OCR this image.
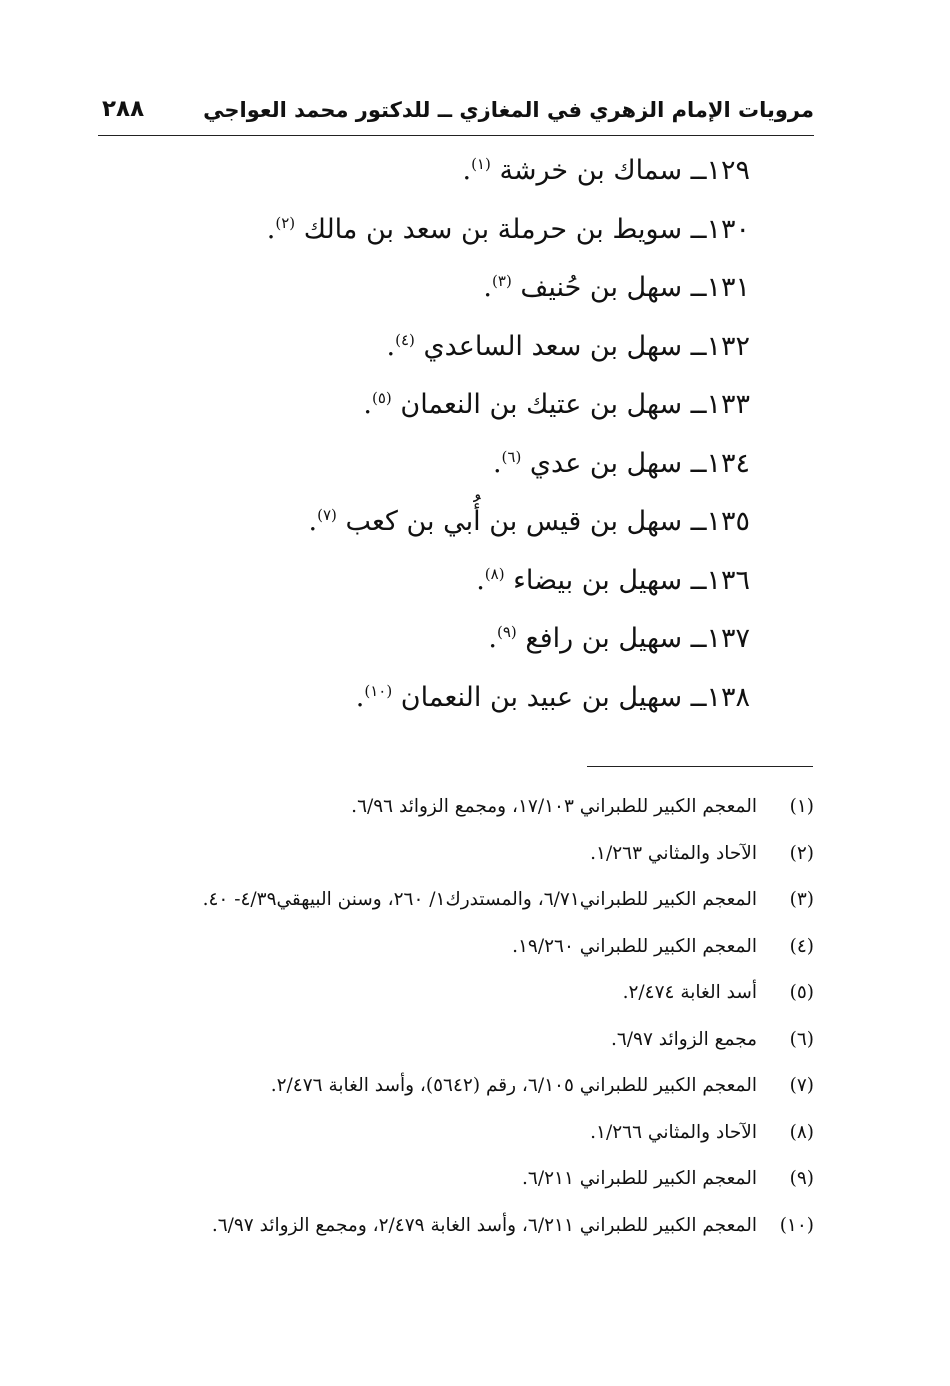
مرويات الإمام الزهري في المغازي ــ للدكتور محمد العواجي
٢٨٨
١٢٩ــ سماك بن خرشة $^{(١)}$.
١٣٠ــ سويط بن حرملة بن سعد بن مالك $^{(٢)}$.
١٣١ــ سهل بن حُنيف $^{(٣)}$.
١٣٢ــ سهل بن سعد الساعدي $^{(٤)}$.
١٣٣ــ سهل بن عتيك بن النعمان $^{(٥)}$.
١٣٤ــ سهل بن عدي $^{(٦)}$.
١٣٥ــ سهل بن قيس بن أُبي بن كعب $^{(٧)}$.
١٣٦ــ سهيل بن بيضاء $^{(٨)}$.
١٣٧ــ سهيل بن رافع $^{(٩)}$.
١٣٨ــ سهيل بن عبيد بن النعمان $^{(١٠)}$.
(١)
المعجم الكبير للطبراني ١٧/١٠٣، ومجمع الزوائد ٦/٩٦.
(٢)
الآحاد والمثاني ١/٢٦٣.
(٣)
المعجم الكبير للطبراني٦/٧١، والمستدرك١/ ٢٦٠، وسنن البيهقي٤/٣٩- ٤٠.
(٤)
المعجم الكبير للطبراني ١٩/٢٦٠.
(٥)
أسد الغابة ٢/٤٧٤.
(٦)
مجمع الزوائد ٦/٩٧.
(٧)
المعجم الكبير للطبراني ٦/١٠٥، رقم (٥٦٤٢)، وأسد الغابة ٢/٤٧٦.
(٨)
الآحاد والمثاني ١/٢٦٦.
(٩)
المعجم الكبير للطبراني ٦/٢١١.
(١٠)
المعجم الكبير للطبراني ٦/٢١١، وأسد الغابة ٢/٤٧٩، ومجمع الزوائد ٦/٩٧.
